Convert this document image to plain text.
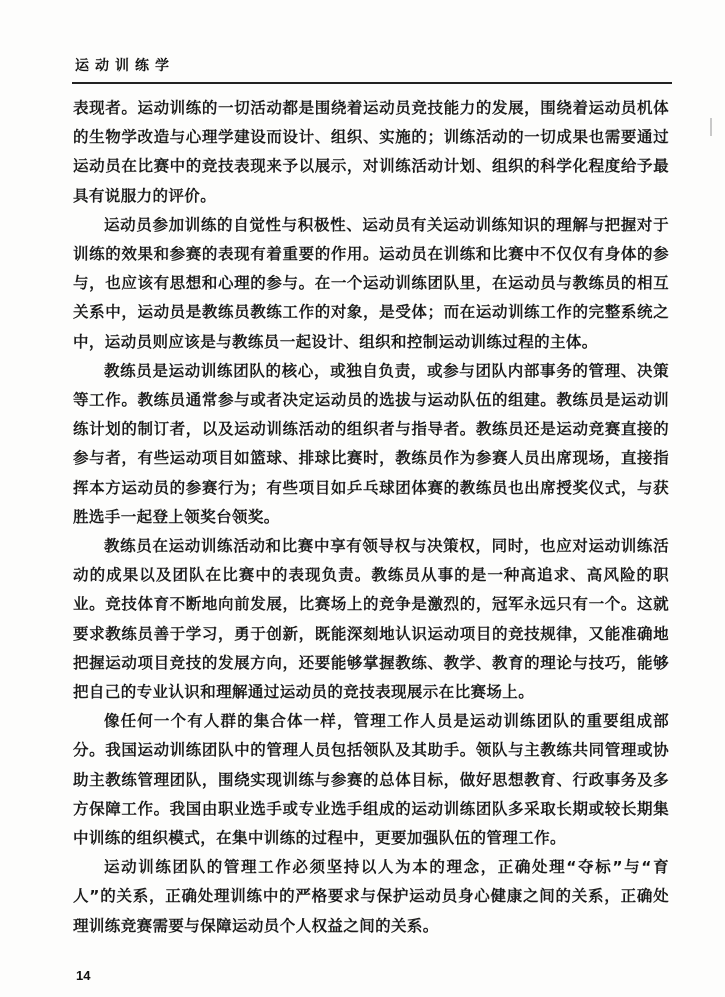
运动训练学

表现者。运动训练的一切活动都是围绕着运动员竞技能力的发展，围绕着运动员机体的生物学改造与心理学建设而设计、组织、实施的；训练活动的一切成果也需要通过运动员在比赛中的竞技表现来予以展示，对训练活动计划、组织的科学化程度给予最具有说服力的评价。

运动员参加训练的自觉性与积极性、运动员有关运动训练知识的理解与把握对于训练的效果和参赛的表现有着重要的作用。运动员在训练和比赛中不仅仅有身体的参与，也应该有思想和心理的参与。在一个运动训练团队里，在运动员与教练员的相互关系中，运动员是教练员教练工作的对象，是受体；而在运动训练工作的完整系统之中，运动员则应该是与教练员一起设计、组织和控制运动训练过程的主体。

教练员是运动训练团队的核心，或独自负责，或参与团队内部事务的管理、决策等工作。教练员通常参与或者决定运动员的选拔与运动队伍的组建。教练员是运动训练计划的制订者，以及运动训练活动的组织者与指导者。教练员还是运动竞赛直接的参与者，有些运动项目如篮球、排球比赛时，教练员作为参赛人员出席现场，直接指挥本方运动员的参赛行为；有些项目如乒乓球团体赛的教练员也出席授奖仪式，与获胜选手一起登上领奖台领奖。

教练员在运动训练活动和比赛中享有领导权与决策权，同时，也应对运动训练活动的成果以及团队在比赛中的表现负责。教练员从事的是一种高追求、高风险的职业。竞技体育不断地向前发展，比赛场上的竞争是激烈的，冠军永远只有一个。这就要求教练员善于学习，勇于创新，既能深刻地认识运动项目的竞技规律，又能准确地把握运动项目竞技的发展方向，还要能够掌握教练、教学、教育的理论与技巧，能够把自己的专业认识和理解通过运动员的竞技表现展示在比赛场上。

像任何一个有人群的集合体一样，管理工作人员是运动训练团队的重要组成部分。我国运动训练团队中的管理人员包括领队及其助手。领队与主教练共同管理或协助主教练管理团队，围绕实现训练与参赛的总体目标，做好思想教育、行政事务及多方保障工作。我国由职业选手或专业选手组成的运动训练团队多采取长期或较长期集中训练的组织模式，在集中训练的过程中，更要加强队伍的管理工作。

运动训练团队的管理工作必须坚持以人为本的理念，正确处理“夺标”与“育人”的关系，正确处理训练中的严格要求与保护运动员身心健康之间的关系，正确处理训练竞赛需要与保障运动员个人权益之间的关系。

14
